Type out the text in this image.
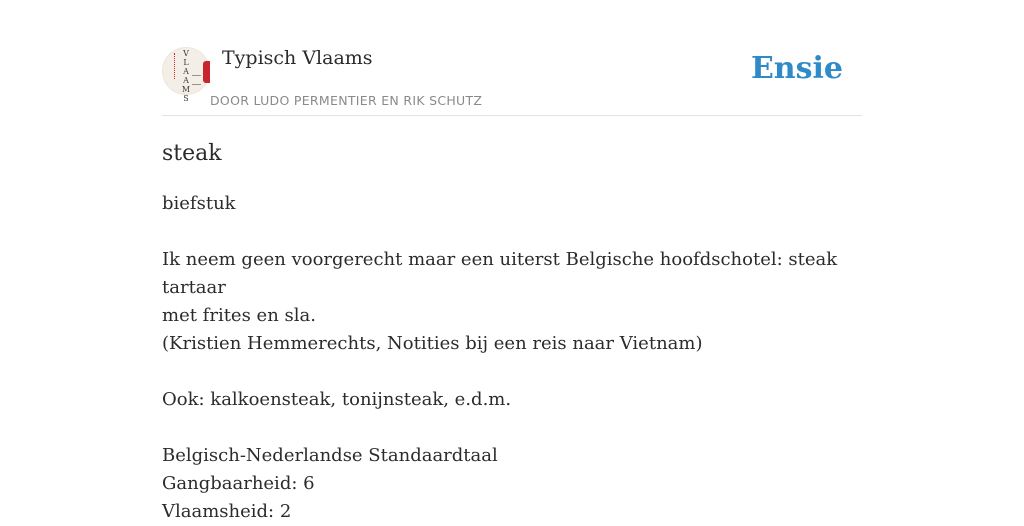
VLAAMS
Typisch Vlaams
DOOR LUDO PERMENTIER EN RIK SCHUTZ
Ensie
steak

biefstuk

Ik neem geen voorgerecht maar een uiterst Belgische hoofdschotel: steak tartaar

met frites en sla.

(Kristien Hemmerechts, Notities bij een reis naar Vietnam)

Ook: kalkoensteak, tonijnsteak, e.d.m.

Belgisch-Nederlandse Standaardtaal

Gangbaarheid: 6

Vlaamsheid: 2
